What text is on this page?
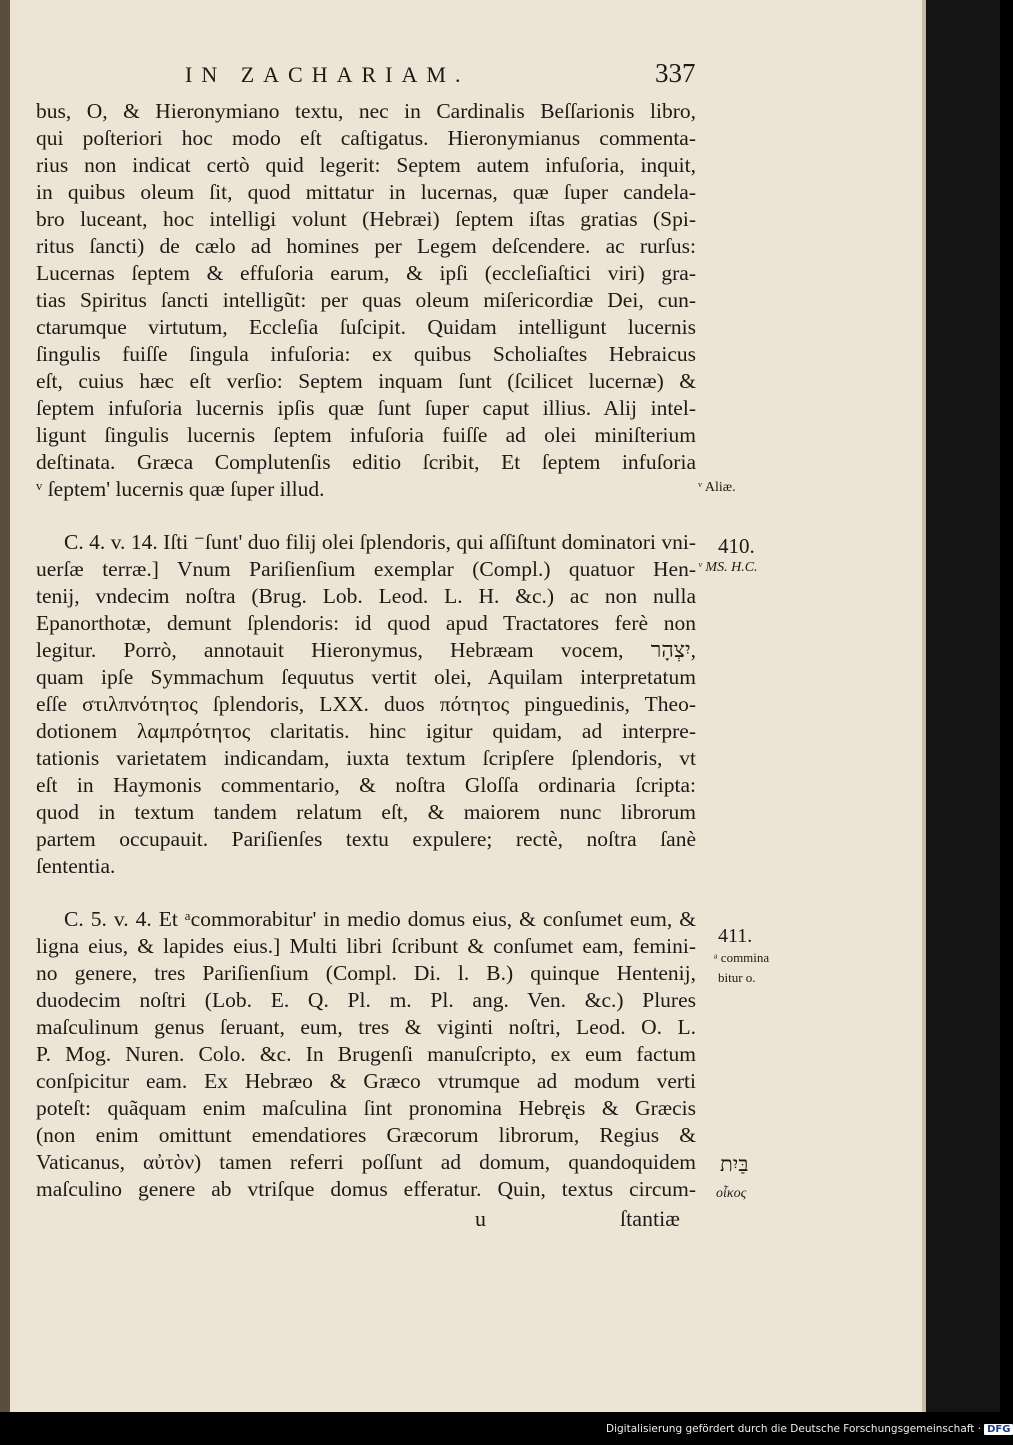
IN ZACHARIAM.	337
bus, O, & Hieronymiano textu, nec in Cardinalis Beſſarionis libro,
qui poſteriori hoc modo eſt caſtigatus. Hieronymianus commenta-
rius non indicat certò quid legerit: Septem autem infuſoria, inquit,
in quibus oleum ſit, quod mittatur in lucernas, quæ ſuper candela-
bro luceant, hoc intelligi volunt (Hebræi) ſeptem iſtas gratias (Spi-
ritus ſancti) de cælo ad homines per Legem deſcendere. ac rurſus:
Lucernas ſeptem & effuſoria earum, & ipſi (eccleſiaſtici viri) gra-
tias Spiritus ſancti intelligũt: per quas oleum miſericordiæ Dei, cun-
ctarumque virtutum, Eccleſia ſuſcipit. Quidam intelligunt lucernis
ſingulis fuiſſe ſingula infuſoria: ex quibus Scholiaſtes Hebraicus
eſt, cuius hæc eſt verſio: Septem inquam ſunt (ſcilicet lucernæ) &
ſeptem infuſoria lucernis ipſis quæ ſunt ſuper caput illius. Alij intel-
ligunt ſingulis lucernis ſeptem infuſoria fuiſſe ad olei miniſterium
deſtinata. Græca Complutenſis editio ſcribit, Et ſeptem infuſoria
ᵛ ſeptem' lucernis quæ ſuper illud.
C. 4. v. 14. Iſti ⁻ſunt' duo filij olei ſplendoris, qui aſſiſtunt dominatori vni-
uerſæ terræ.] Vnum Pariſienſium exemplar (Compl.) quatuor Hen-
tenij, vndecim noſtra (Brug. Lob. Leod. L. H. &c.) ac non nulla
Epanorthotæ, demunt ſplendoris: id quod apud Tractatores ferè non
legitur. Porrò, annotauit Hieronymus, Hebræam vocem, יִצְהָר,
quam ipſe Symmachum ſequutus vertit olei, Aquilam interpretatum
eſſe στιλπνότητος ſplendoris, LXX. duos πότητος pinguedinis, Theo-
dotionem λαμπρότητος claritatis. hinc igitur quidam, ad interpre-
tationis varietatem indicandam, iuxta textum ſcripſere ſplendoris, vt
eſt in Haymonis commentario, & noſtra Gloſſa ordinaria ſcripta:
quod in textum tandem relatum eſt, & maiorem nunc librorum
partem occupauit. Pariſienſes textu expulere; rectè, noſtra ſanè
ſententia.
C. 5. v. 4. Et ᵃcommorabitur' in medio domus eius, & conſumet eum, &
ligna eius, & lapides eius.] Multi libri ſcribunt & conſumet eam, femini-
no genere, tres Pariſienſium (Compl. Di. l. B.) quinque Hentenij,
duodecim noſtri (Lob. E. Q. Pl. m. Pl. ang. Ven. &c.) Plures
maſculinum genus ſeruant, eum, tres & viginti noſtri, Leod. O. L.
P. Mog. Nuren. Colo. &c. In Brugenſi manuſcripto, ex eum factum
conſpicitur eam. Ex Hebræo & Græco vtrumque ad modum verti
poteſt: quãquam enim maſculina ſint pronomina Hebręis & Græcis
(non enim omittunt emendatiores Græcorum librorum, Regius &
Vaticanus, αὐτὸν) tamen referri poſſunt ad domum, quandoquidem
maſculino genere ab vtriſque domus efferatur. Quin, textus circum-
u	ſtantiæ
ᵛ Aliæ.
410.
ᵛ MS. H.C.
411.
ᵃ commina
bitur o.
בַּיִת
οἶκος
Digitalisierung gefördert durch die Deutsche Forschungsgemeinschaft · DFG
